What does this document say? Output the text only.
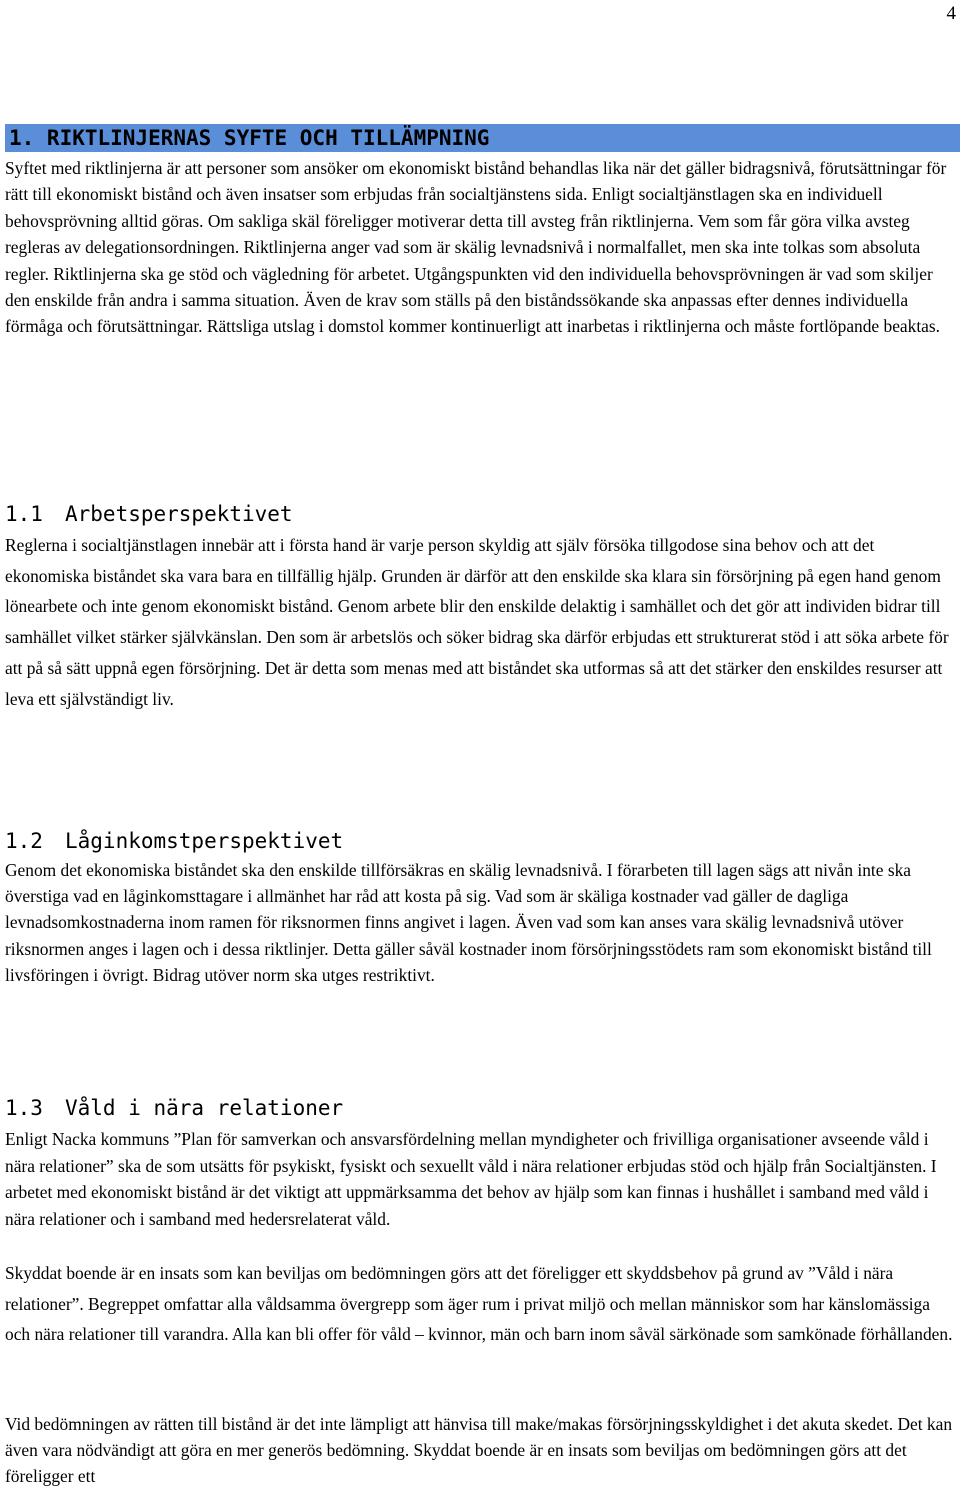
4
1. RIKTLINJERNAS SYFTE OCH TILLÄMPNING

Syftet med riktlinjerna är att personer som ansöker om ekonomiskt bistånd behandlas lika när det gäller bidragsnivå, förutsättningar för rätt till ekonomiskt bistånd och även insatser som erbjudas från socialtjänstens sida. Enligt socialtjänstlagen ska en individuell behovsprövning alltid göras. Om sakliga skäl föreligger motiverar detta till avsteg från riktlinjerna. Vem som får göra vilka avsteg regleras av delegationsordningen. Riktlinjerna anger vad som är skälig levnadsnivå i normalfallet, men ska inte tolkas som absoluta regler. Riktlinjerna ska ge stöd och vägledning för arbetet. Utgångspunkten vid den individuella behovsprövningen är vad som skiljer den enskilde från andra i samma situation. Även de krav som ställs på den biståndssökande ska anpassas efter dennes individuella förmåga och förutsättningar. Rättsliga utslag i domstol kommer kontinuerligt att inarbetas i riktlinjerna och måste fortlöpande beaktas.

1.1 Arbetsperspektivet

Reglerna i socialtjänstlagen innebär att i första hand är varje person skyldig att själv försöka tillgodose sina behov och att det ekonomiska biståndet ska vara bara en tillfällig hjälp. Grunden är därför att den enskilde ska klara sin försörjning på egen hand genom lönearbete och inte genom ekonomiskt bistånd. Genom arbete blir den enskilde delaktig i samhället och det gör att individen bidrar till samhället vilket stärker självkänslan. Den som är arbetslös och söker bidrag ska därför erbjudas ett strukturerat stöd i att söka arbete för att på så sätt uppnå egen försörjning. Det är detta som menas med att biståndet ska utformas så att det stärker den enskildes resurser att leva ett självständigt liv.

1.2 Låginkomstperspektivet

Genom det ekonomiska biståndet ska den enskilde tillförsäkras en skälig levnadsnivå. I förarbeten till lagen sägs att nivån inte ska överstiga vad en låginkomsttagare i allmänhet har råd att kosta på sig. Vad som är skäliga kostnader vad gäller de dagliga levnadsomkostnaderna inom ramen för riksnormen finns angivet i lagen. Även vad som kan anses vara skälig levnadsnivå utöver riksnormen anges i lagen och i dessa riktlinjer. Detta gäller såväl kostnader inom försörjningsstödets ram som ekonomiskt bistånd till livsföringen i övrigt. Bidrag utöver norm ska utges restriktivt.

1.3 Våld i nära relationer

Enligt Nacka kommuns ”Plan för samverkan och ansvarsfördelning mellan myndigheter och frivilliga organisationer avseende våld i nära relationer” ska de som utsätts för psykiskt, fysiskt och sexuellt våld i nära relationer erbjudas stöd och hjälp från Socialtjänsten. I arbetet med ekonomiskt bistånd är det viktigt att uppmärksamma det behov av hjälp som kan finnas i hushållet i samband med våld i nära relationer och i samband med hedersrelaterat våld.

Skyddat boende är en insats som kan beviljas om bedömningen görs att det föreligger ett skyddsbehov på grund av ”Våld i nära relationer”. Begreppet omfattar alla våldsamma övergrepp som äger rum i privat miljö och mellan människor som har känslomässiga och nära relationer till varandra. Alla kan bli offer för våld – kvinnor, män och barn inom såväl särkönade som samkönade förhållanden.

Vid bedömningen av rätten till bistånd är det inte lämpligt att hänvisa till make/makas försörjningsskyldighet i det akuta skedet. Det kan även vara nödvändigt att göra en mer generös bedömning. Skyddat boende är en insats som beviljas om bedömningen görs att det föreligger ett
